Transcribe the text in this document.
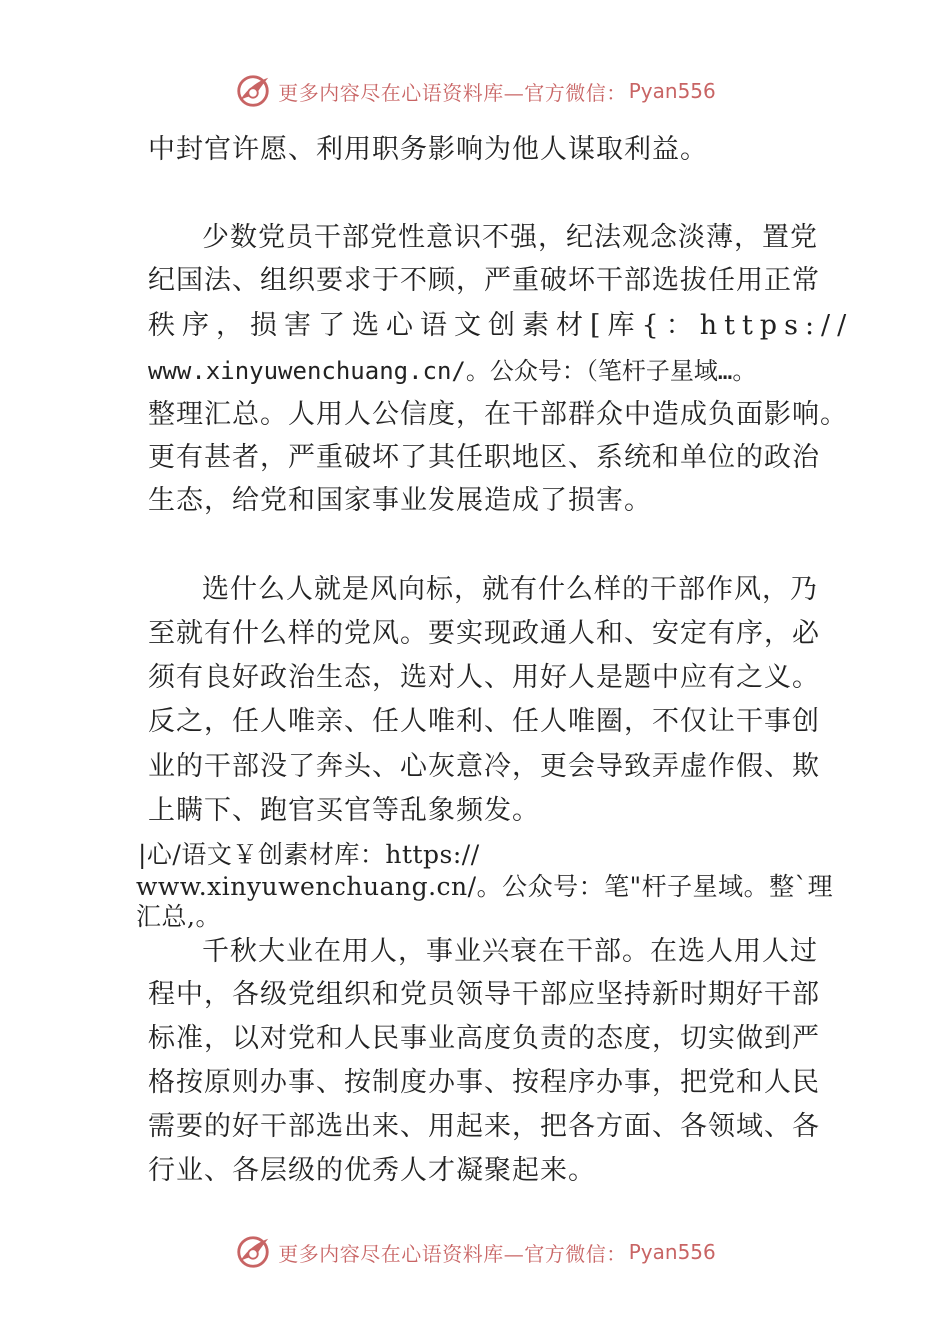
更多内容尽在心语资料库—官方微信： Pyan556
中封官许愿、利用职务影响为他人谋取利益。
少数党员干部党性意识不强，纪法观念淡薄，置党
纪国法、组织要求于不顾，严重破坏干部选拔任用正常
秩序，损害了选心语文创素材[库{：https://
www.xinyuwenchuang.cn/。公众号：（笔杆子星域…。
整理汇总。人用人公信度，在干部群众中造成负面影响。
更有甚者，严重破坏了其任职地区、系统和单位的政治
生态，给党和国家事业发展造成了损害。
选什么人就是风向标，就有什么样的干部作风，乃
至就有什么样的党风。要实现政通人和、安定有序，必
须有良好政治生态，选对人、用好人是题中应有之义。
反之，任人唯亲、任人唯利、任人唯圈，不仅让干事创
业的干部没了奔头、心灰意冷，更会导致弄虚作假、欺
上瞒下、跑官买官等乱象频发。
|心/语文￥创素材库：https://
www.xinyuwenchuang.cn/。公众号：笔"杆子星域。整`理
汇总,。
千秋大业在用人，事业兴衰在干部。在选人用人过
程中，各级党组织和党员领导干部应坚持新时期好干部
标准，以对党和人民事业高度负责的态度，切实做到严
格按原则办事、按制度办事、按程序办事，把党和人民
需要的好干部选出来、用起来，把各方面、各领域、各
行业、各层级的优秀人才凝聚起来。
更多内容尽在心语资料库—官方微信： Pyan556
